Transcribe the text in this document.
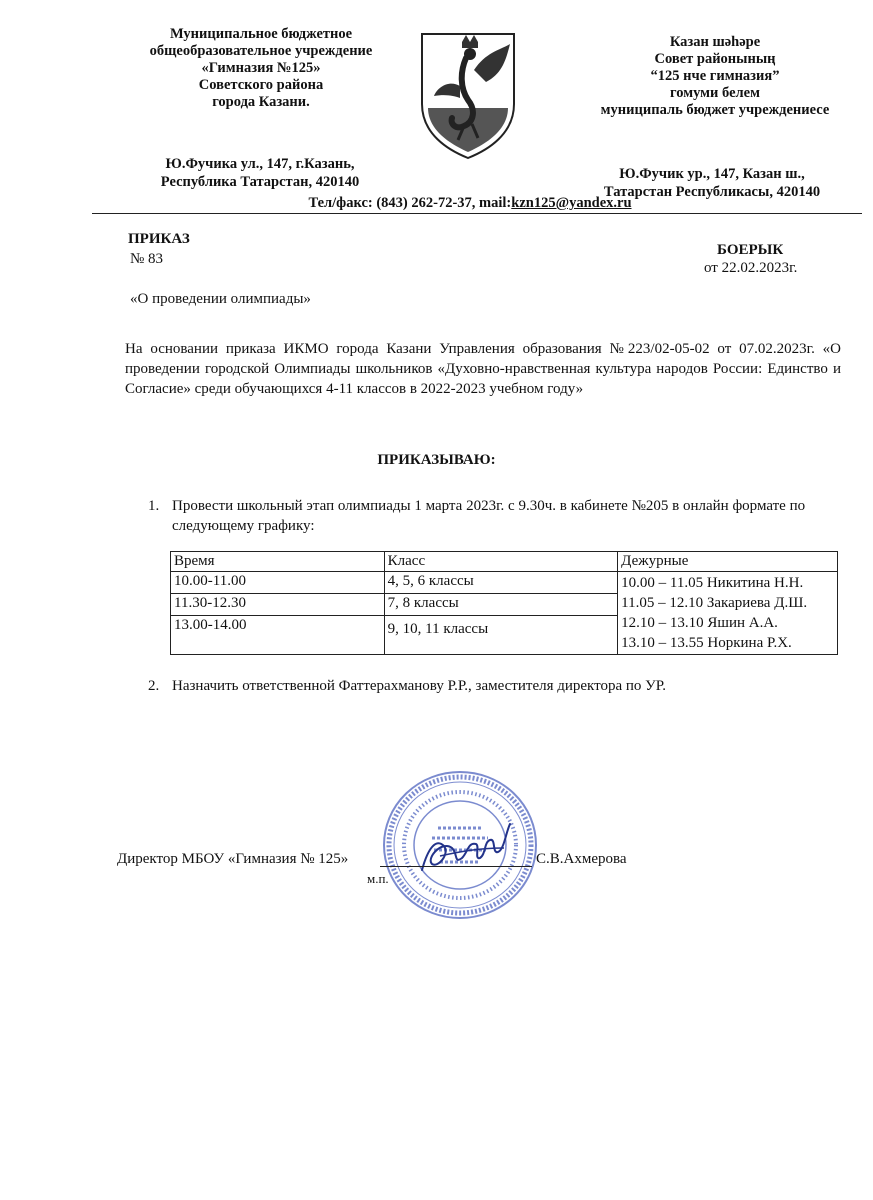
Муниципальное бюджетное
общеобразовательное учреждение
«Гимназия №125»
Советского района
города Казани.
Казан шәһәре
Совет районының
“125 нче гимназия”
гомуми белем
муниципаль бюджет учреждениесе
Ю.Фучика ул., 147, г.Казань,
Республика Татарстан, 420140	Ю.Фучик ур., 147, Казан ш.,
Татарстан Республикасы, 420140
Тел/факс: (843) 262-72-37, mail:kzn125@yandex.ru
ПРИКАЗ
№ 83
БОЕРЫК
от 22.02.2023г.
«О проведении олимпиады»
На основании приказа ИКМО города Казани Управления образования №223/02-05-02 от 07.02.2023г. «О проведении городской Олимпиады школьников «Духовно-нравственная культура народов России: Единство и Согласие» среди обучающихся 4-11 классов в 2022-2023 учебном году»
ПРИКАЗЫВАЮ:
1. Провести школьный этап олимпиады 1 марта 2023г. с 9.30ч. в кабинете №205 в онлайн формате по следующему графику:
Время	Класс	Дежурные
10.00-11.00	4, 5, 6 классы	10.00 – 11.05 Никитина Н.Н.
11.05 – 12.10 Закариева Д.Ш.
12.10 – 13.10 Яшин А.А.
13.10 – 13.55 Норкина Р.Х.

11.30-12.30	7, 8 классы	
13.00-14.00	9, 10, 11 классы	
2. Назначить ответственной Фаттерахманову Р.Р., заместителя директора по УР.
Директор МБОУ «Гимназия № 125»	С.В.Ахмерова
м.п.
